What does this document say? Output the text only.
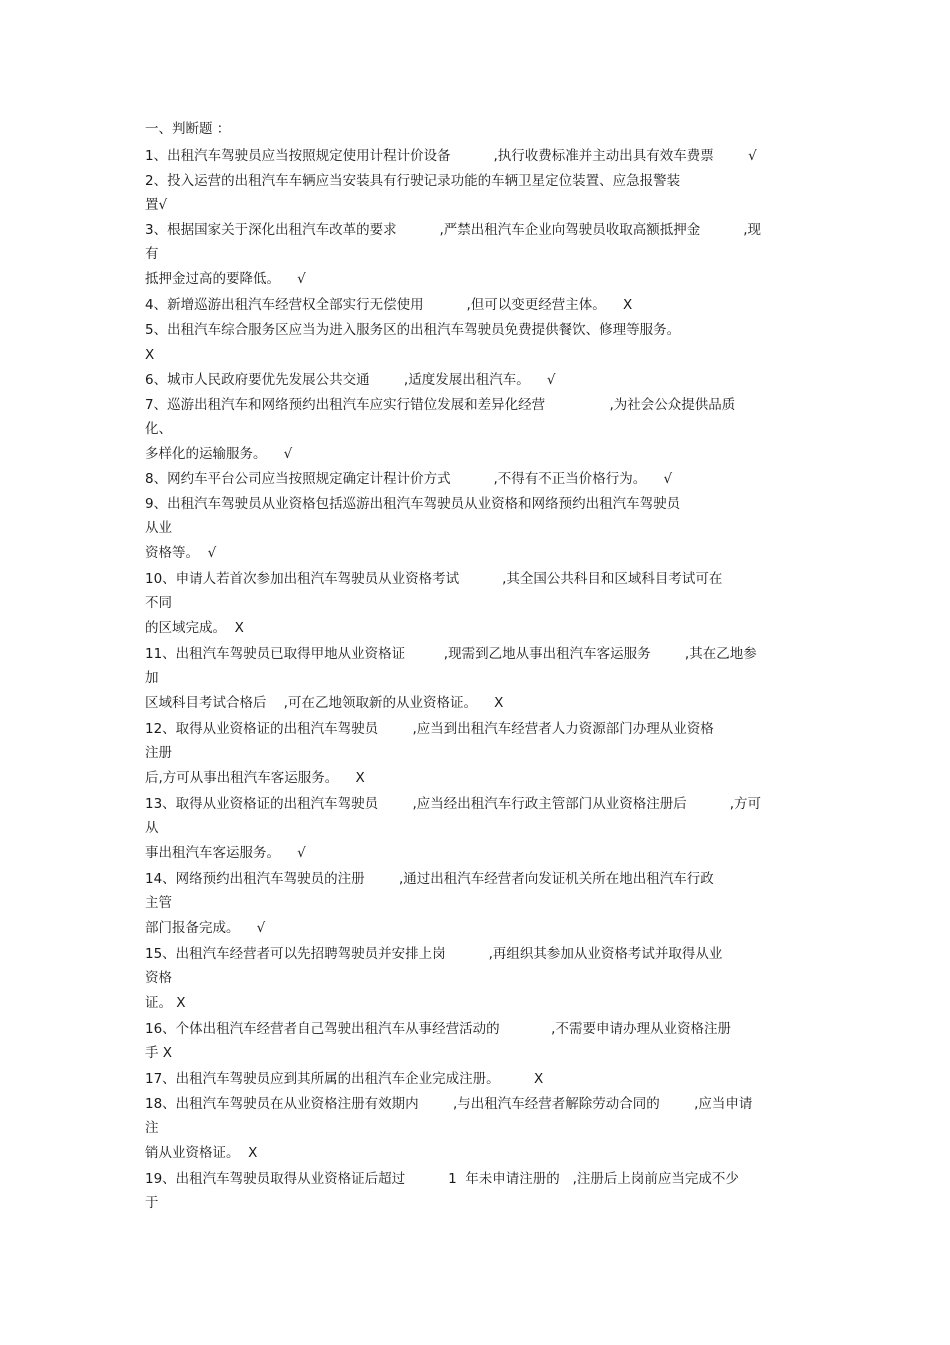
一、判断题 ：
1、出租汽车驾驶员应当按照规定使用计程计价设备          ,执行收费标准并主动出具有效车费票        √
2、投入运营的出租汽车车辆应当安装具有行驶记录功能的车辆卫星定位装置、应急报警装
置√
3、根据国家关于深化出租汽车改革的要求          ,严禁出租汽车企业向驾驶员收取高额抵押金          ,现
有
抵押金过高的要降低。    √
4、新增巡游出租汽车经营权全部实行无偿使用          ,但可以变更经营主体。    X
5、出租汽车综合服务区应当为进入服务区的出租汽车驾驶员免费提供餐饮、修理等服务。
X
6、城市人民政府要优先发展公共交通        ,适度发展出租汽车。    √
7、巡游出租汽车和网络预约出租汽车应实行错位发展和差异化经营               ,为社会公众提供品质
化、
多样化的运输服务。    √
8、网约车平台公司应当按照规定确定计程计价方式          ,不得有不正当价格行为。    √
9、出租汽车驾驶员从业资格包括巡游出租汽车驾驶员从业资格和网络预约出租汽车驾驶员
从业
资格等。  √
10、申请人若首次参加出租汽车驾驶员从业资格考试          ,其全国公共科目和区域科目考试可在
不同
的区域完成。  X
11、出租汽车驾驶员已取得甲地从业资格证         ,现需到乙地从事出租汽车客运服务        ,其在乙地参
加
区域科目考试合格后    ,可在乙地领取新的从业资格证。    X
12、取得从业资格证的出租汽车驾驶员        ,应当到出租汽车经营者人力资源部门办理从业资格
注册
后,方可从事出租汽车客运服务。    X
13、取得从业资格证的出租汽车驾驶员        ,应当经出租汽车行政主管部门从业资格注册后          ,方可
从
事出租汽车客运服务。    √
14、网络预约出租汽车驾驶员的注册        ,通过出租汽车经营者向发证机关所在地出租汽车行政
主管
部门报备完成。    √
15、出租汽车经营者可以先招聘驾驶员并安排上岗          ,再组织其参加从业资格考试并取得从业
资格
证。 X
16、个体出租汽车经营者自己驾驶出租汽车从事经营活动的            ,不需要申请办理从业资格注册
手 X
17、出租汽车驾驶员应到其所属的出租汽车企业完成注册。        X
18、出租汽车驾驶员在从业资格注册有效期内        ,与出租汽车经营者解除劳动合同的        ,应当申请
注
销从业资格证。  X
19、出租汽车驾驶员取得从业资格证后超过          1  年未申请注册的   ,注册后上岗前应当完成不少
于
